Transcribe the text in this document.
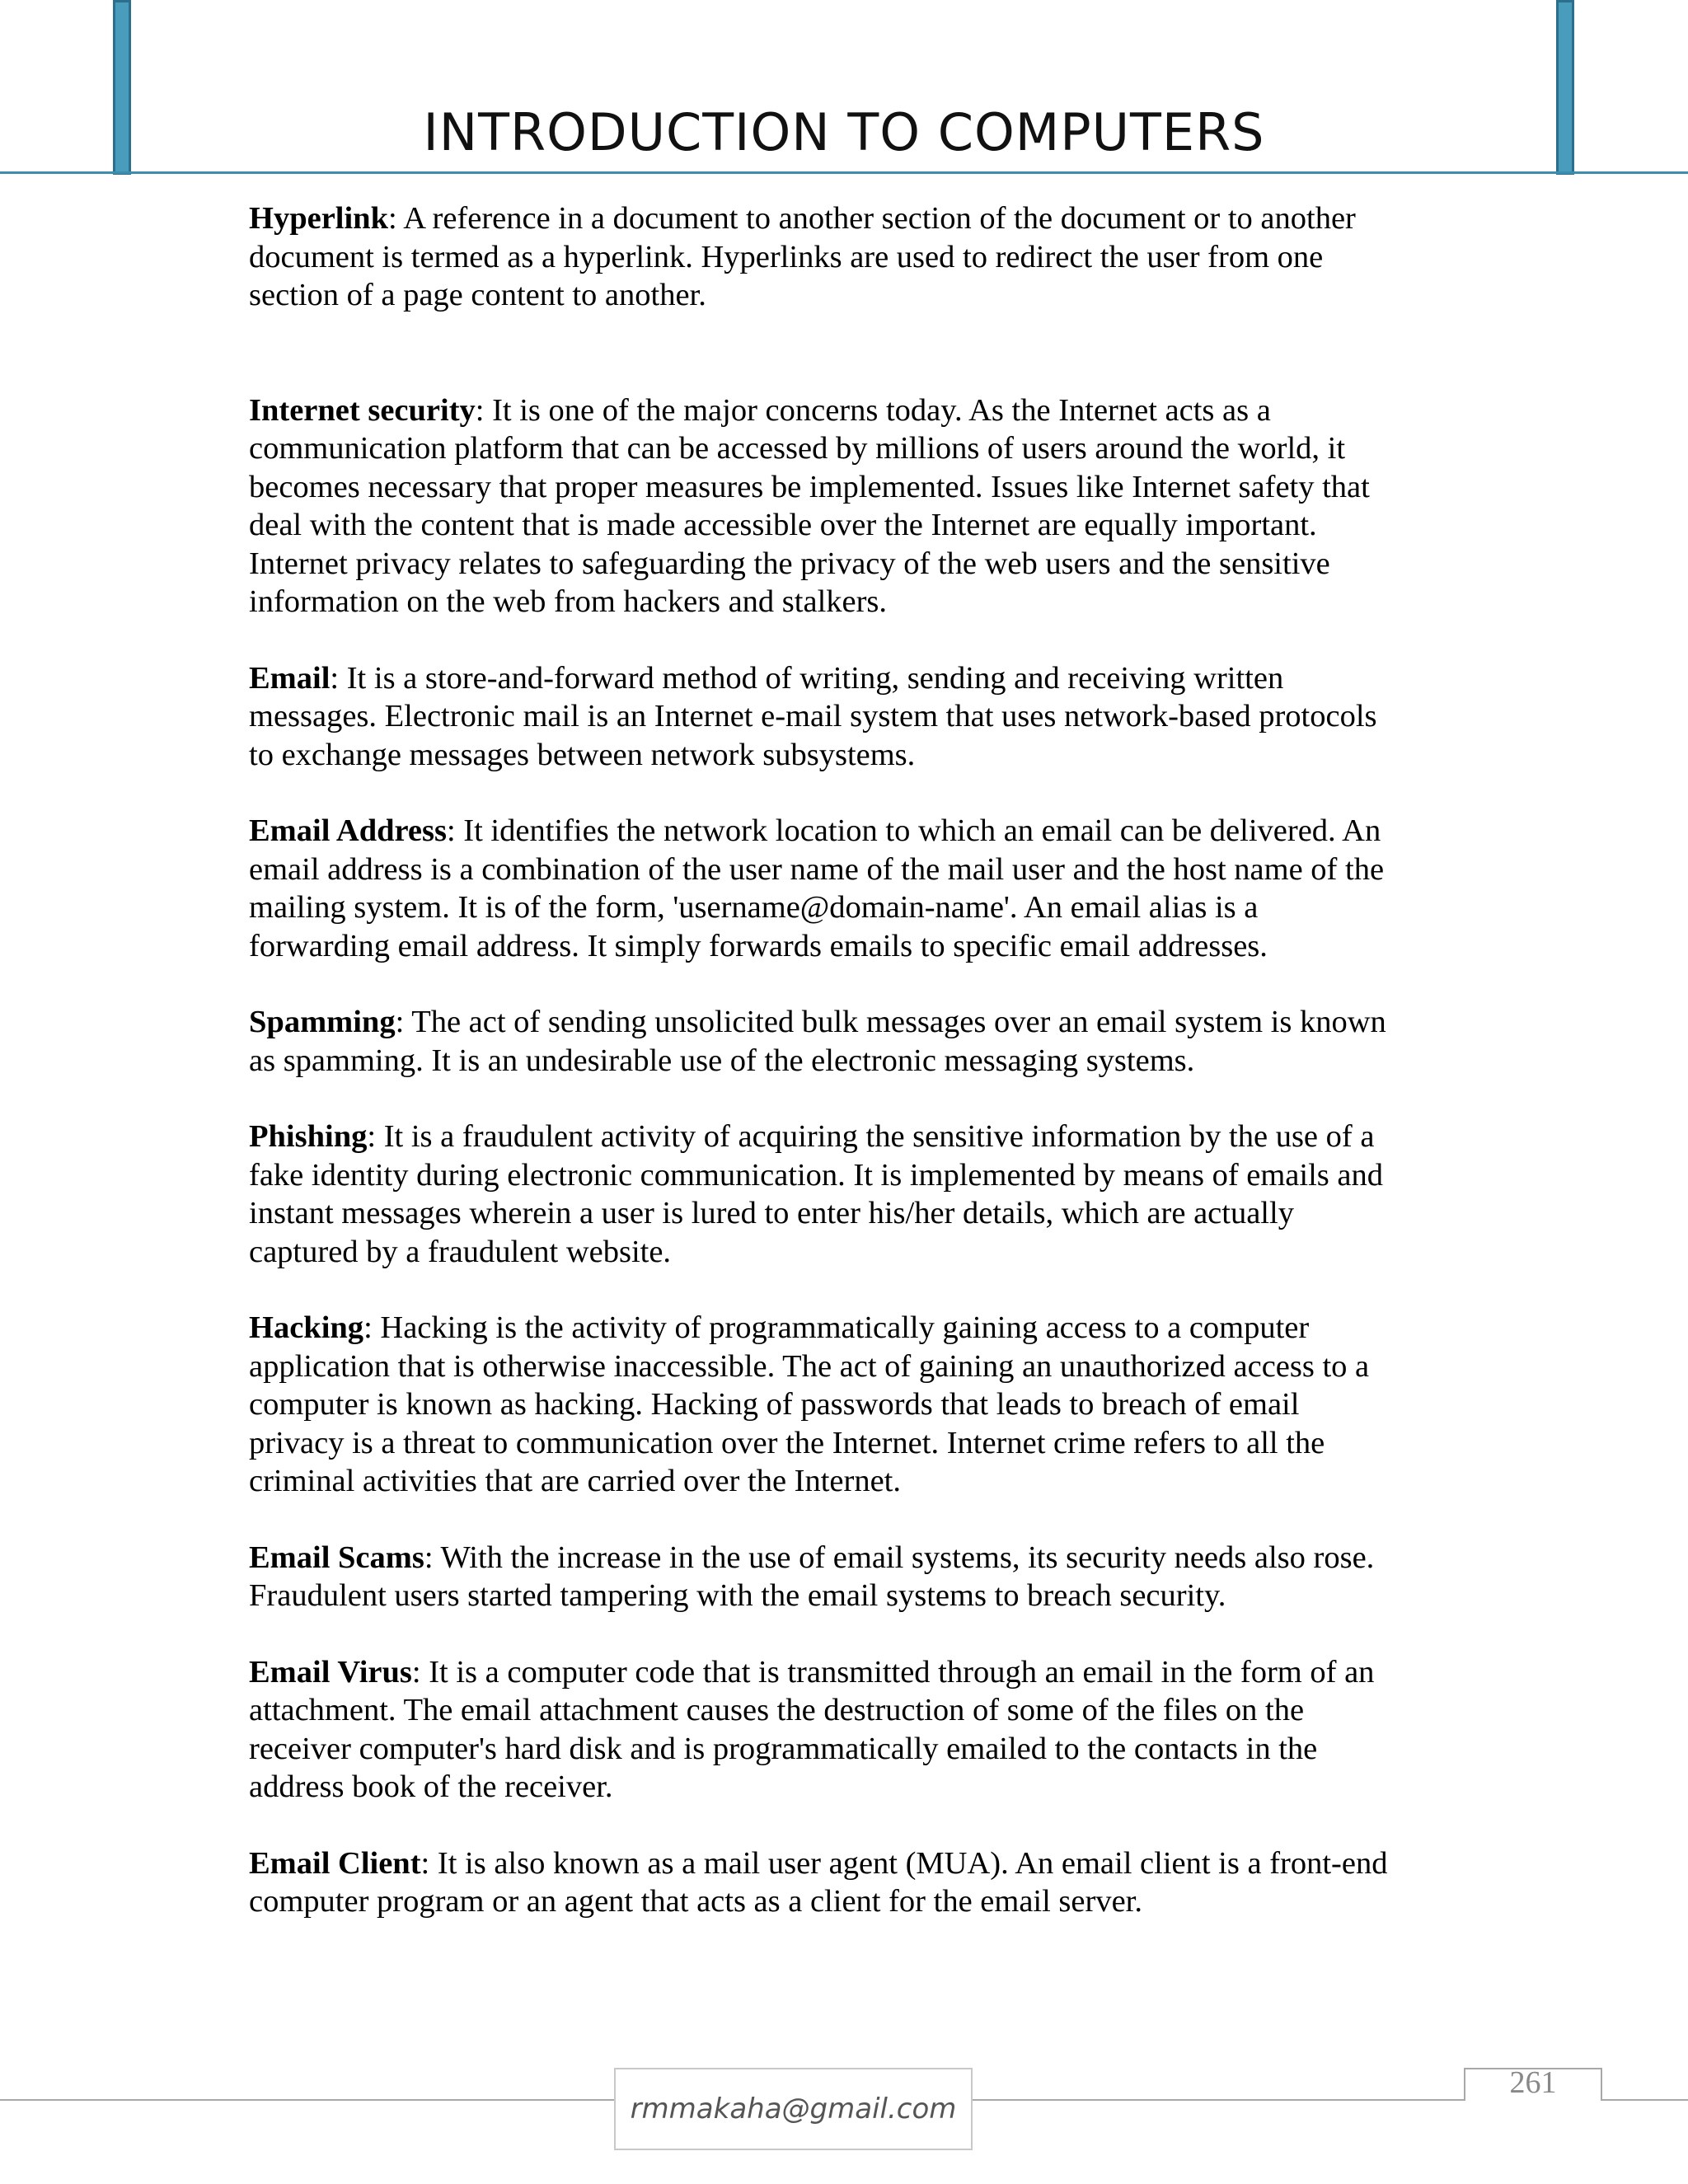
INTRODUCTION TO COMPUTERS
Hyperlink: A reference in a document to another section of the document or to another
document is termed as a hyperlink. Hyperlinks are used to redirect the user from one
section of a page content to another.
Internet security: It is one of the major concerns today. As the Internet acts as a
communication platform that can be accessed by millions of users around the world, it
becomes necessary that proper measures be implemented. Issues like Internet safety that
deal with the content that is made accessible over the Internet are equally important.
Internet privacy relates to safeguarding the privacy of the web users and the sensitive
information on the web from hackers and stalkers.
Email: It is a store-and-forward method of writing, sending and receiving written
messages. Electronic mail is an Internet e-mail system that uses network-based protocols
to exchange messages between network subsystems.
Email Address: It identifies the network location to which an email can be delivered. An
email address is a combination of the user name of the mail user and the host name of the
mailing system. It is of the form, 'username@domain-name'. An email alias is a
forwarding email address. It simply forwards emails to specific email addresses.
Spamming: The act of sending unsolicited bulk messages over an email system is known
as spamming. It is an undesirable use of the electronic messaging systems.
Phishing: It is a fraudulent activity of acquiring the sensitive information by the use of a
fake identity during electronic communication. It is implemented by means of emails and
instant messages wherein a user is lured to enter his/her details, which are actually
captured by a fraudulent website.
Hacking: Hacking is the activity of programmatically gaining access to a computer
application that is otherwise inaccessible. The act of gaining an unauthorized access to a
computer is known as hacking. Hacking of passwords that leads to breach of email
privacy is a threat to communication over the Internet. Internet crime refers to all the
criminal activities that are carried over the Internet.
Email Scams: With the increase in the use of email systems, its security needs also rose.
Fraudulent users started tampering with the email systems to breach security.
Email Virus: It is a computer code that is transmitted through an email in the form of an
attachment. The email attachment causes the destruction of some of the files on the
receiver computer's hard disk and is programmatically emailed to the contacts in the
address book of the receiver.
Email Client: It is also known as a mail user agent (MUA). An email client is a front-end
computer program or an agent that acts as a client for the email server.
rmmakaha@gmail.com
261
